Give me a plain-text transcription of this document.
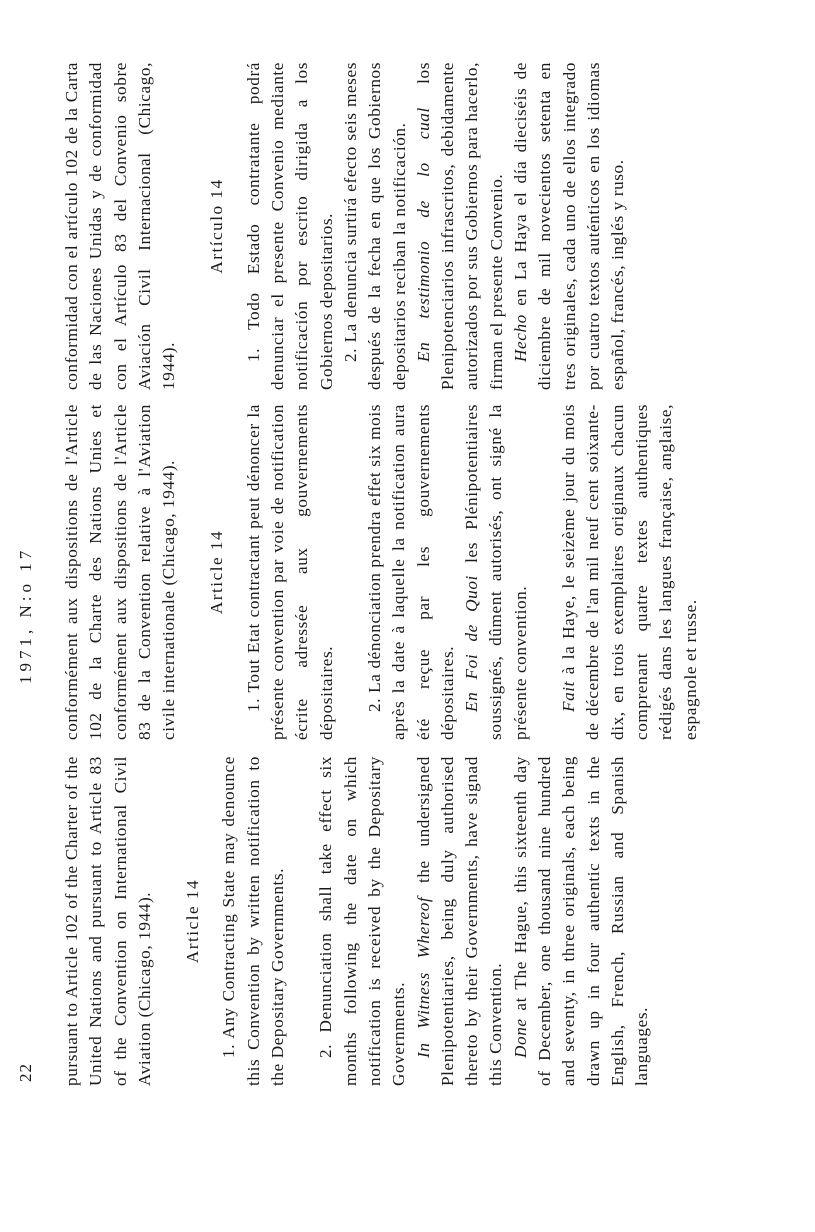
22
1971, N:o 17

pursuant to Article 102 of the Charter of the United Nations and pursuant to Article 83 of the Convention on International Civil Aviation (Chicago, 1944). Article 14 1. Any Contracting State may denounce this Convention by written notification to the Depositary Governments. 2. Denunciation shall take effect six months following the date on which notification is received by the Depositary Governments. In Witness Whereof the undersigned Plenipotentiaries, being duly authorised thereto by their Governments, have signad this Convention. Done at The Hague, this sixteenth day of December, one thousand nine hundred and seventy, in three originals, each being drawn up in four authentic texts in the English, French, Russian and Spanish languages.

conformément aux dispositions de l'Article 102 de la Charte des Nations Unies et conformément aux dispositions de l'Article 83 de la Convention relative à l'Aviation civile internationale (Chicago, 1944). Article 14 1. Tout Etat contractant peut dénoncer la présente convention par voie de notification écrite adressée aux gouvernements dépositaires. 2. La dénonciation prendra effet six mois après la date à laquelle la notification aura été reçue par les gouvernements dépositaires. En Foi de Quoi les Plénipotentiaires soussignés, dûment autorisés, ont signé la présente convention. Fait à la Haye, le seizème jour du mois de décembre de l'an mil neuf cent soixante-dix, en trois exemplaires originaux chacun comprenant quatre textes authentiques rédigés dans les langues française, anglaise, espagnole et russe.

conformidad con el artículo 102 de la Carta de las Naciones Unidas y de conformidad con el Artículo 83 del Convenio sobre Aviación Civil Internacional (Chicago, 1944).

Artículo 14 1. Todo Estado contratante podrá denunciar el presente Convenio mediante notificación por escrito dirigida a los Gobiernos depositarios. 2. La denuncia surtirá efecto seis meses después de la fecha en que los Gobiernos depositarios reciban la notificación. En testimonio de lo cual los Plenipotenciarios infrascritos, debidamente autorizados por sus Gobiernos para hacerlo, firman el presente Convenio. Hecho en La Haya el día dieciséis de diciembre de mil novecientos setenta en tres originales, cada uno de ellos integrado por cuatro textos auténticos en los idiomas español, francés, inglés y ruso.
